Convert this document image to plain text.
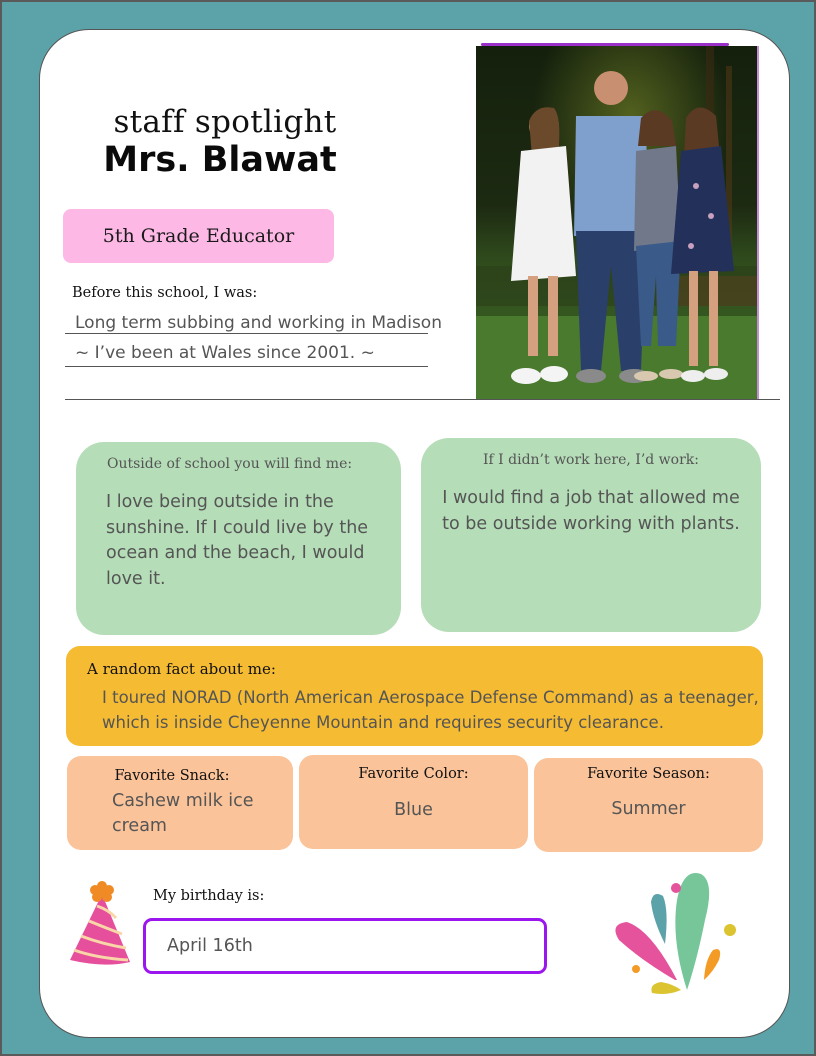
staff spotlight
Mrs. Blawat
5th Grade Educator
Before this school, I was:
Long term subbing and working in Madison
~ I’ve been at Wales since 2001. ~
Outside of school you will find me:
I love being outside in the sunshine. If I could live by the ocean and the beach, I would love it.
If I didn’t work here, I’d work:
I would find a job that allowed me to be outside working with plants.
A random fact about me:
I toured NORAD (North American Aerospace Defense Command) as a teenager,
which is inside Cheyenne Mountain and requires security clearance.
Favorite Snack:
Cashew milk ice cream
Favorite Color:
Blue
Favorite Season:
Summer
My birthday is:
April 16th
